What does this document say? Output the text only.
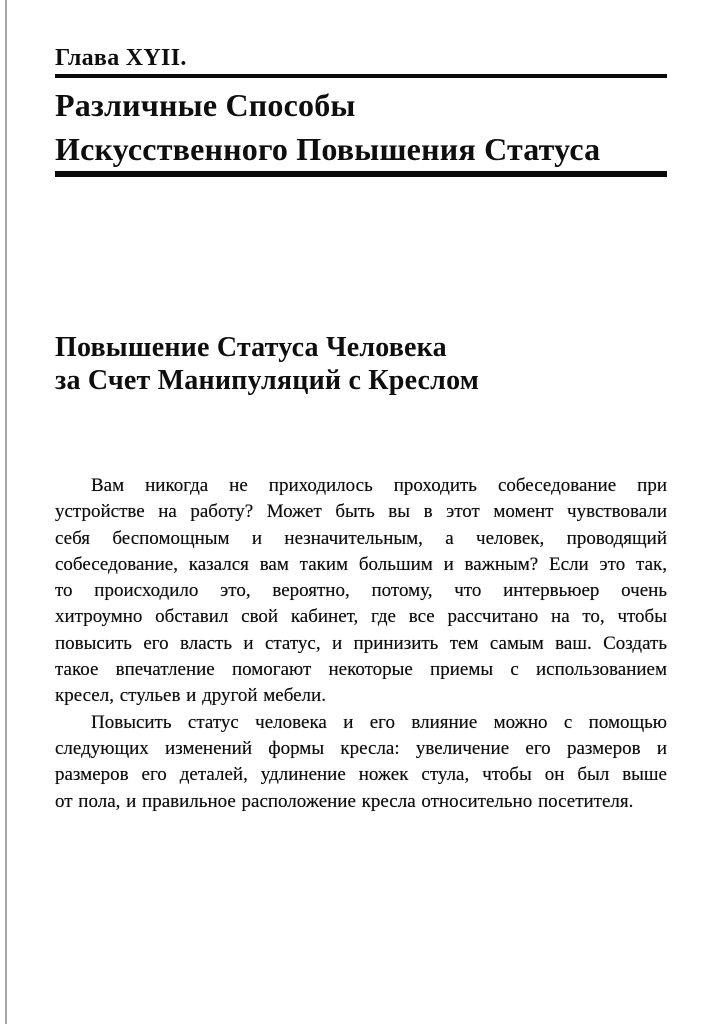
Глава XYII.
Различные Способы
Искусственного Повышения Статуса
Повышение Статуса Человека
за Счет Манипуляций с Креслом
Вам никогда не приходилось проходить собеседование при
устройстве на работу? Может быть вы в этот момент чувствовали
себя беспомощным и незначительным, а человек, проводящий
собеседование, казался вам таким большим и важным? Если это так,
то происходило это, вероятно, потому, что интервьюер очень
хитроумно обставил свой кабинет, где все рассчитано на то, чтобы
повысить его власть и статус, и принизить тем самым ваш. Создать
такое впечатление помогают некоторые приемы с использованием
кресел, стульев и другой мебели.
Повысить статус человека и его влияние можно с помощью
следующих изменений формы кресла: увеличение его размеров и
размеров его деталей, удлинение ножек стула, чтобы он был выше
от пола, и правильное расположение кресла относительно посетителя.
